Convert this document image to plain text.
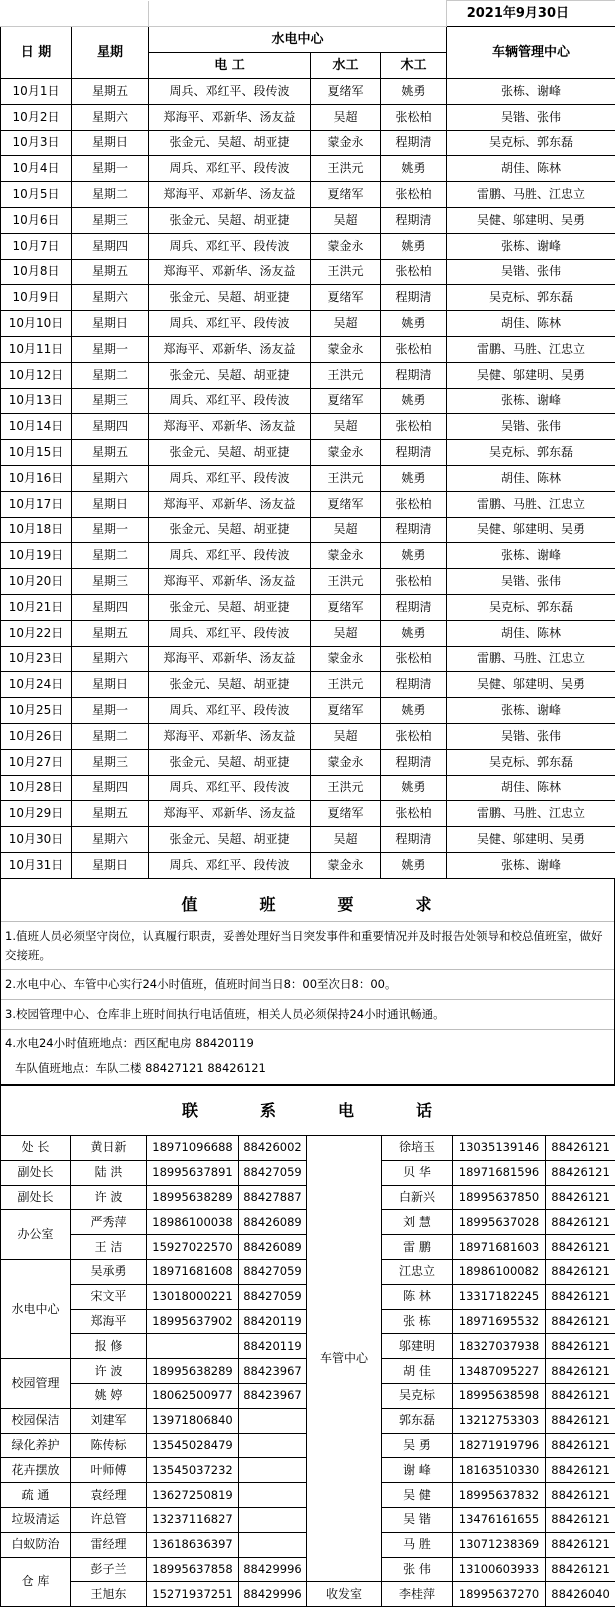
					2021年9月30日
日 期	星期	水电中心			车辆管理中心
		电 工	水工	木工	
10月1日	星期五	周兵、邓红平、段传波	夏绪军	姚勇	张栋、谢峰
10月2日	星期六	郑海平、邓新华、汤友益	吴超	张松柏	吴锴、张伟
10月3日	星期日	张金元、吴超、胡亚捷	蒙金永	程期清	吴克标、郭东磊
10月4日	星期一	周兵、邓红平、段传波	王洪元	姚勇	胡佳、陈林
10月5日	星期二	郑海平、邓新华、汤友益	夏绪军	张松柏	雷鹏、马胜、江忠立
10月6日	星期三	张金元、吴超、胡亚捷	吴超	程期清	吴健、邬建明、吴勇
10月7日	星期四	周兵、邓红平、段传波	蒙金永	姚勇	张栋、谢峰
10月8日	星期五	郑海平、邓新华、汤友益	王洪元	张松柏	吴锴、张伟
10月9日	星期六	张金元、吴超、胡亚捷	夏绪军	程期清	吴克标、郭东磊
10月10日	星期日	周兵、邓红平、段传波	吴超	姚勇	胡佳、陈林
10月11日	星期一	郑海平、邓新华、汤友益	蒙金永	张松柏	雷鹏、马胜、江忠立
10月12日	星期二	张金元、吴超、胡亚捷	王洪元	程期清	吴健、邬建明、吴勇
10月13日	星期三	周兵、邓红平、段传波	夏绪军	姚勇	张栋、谢峰
10月14日	星期四	郑海平、邓新华、汤友益	吴超	张松柏	吴锴、张伟
10月15日	星期五	张金元、吴超、胡亚捷	蒙金永	程期清	吴克标、郭东磊
10月16日	星期六	周兵、邓红平、段传波	王洪元	姚勇	胡佳、陈林
10月17日	星期日	郑海平、邓新华、汤友益	夏绪军	张松柏	雷鹏、马胜、江忠立
10月18日	星期一	张金元、吴超、胡亚捷	吴超	程期清	吴健、邬建明、吴勇
10月19日	星期二	周兵、邓红平、段传波	蒙金永	姚勇	张栋、谢峰
10月20日	星期三	郑海平、邓新华、汤友益	王洪元	张松柏	吴锴、张伟
10月21日	星期四	张金元、吴超、胡亚捷	夏绪军	程期清	吴克标、郭东磊
10月22日	星期五	周兵、邓红平、段传波	吴超	姚勇	胡佳、陈林
10月23日	星期六	郑海平、邓新华、汤友益	蒙金永	张松柏	雷鹏、马胜、江忠立
10月24日	星期日	张金元、吴超、胡亚捷	王洪元	程期清	吴健、邬建明、吴勇
10月25日	星期一	周兵、邓红平、段传波	夏绪军	姚勇	张栋、谢峰
10月26日	星期二	郑海平、邓新华、汤友益	吴超	张松柏	吴锴、张伟
10月27日	星期三	张金元、吴超、胡亚捷	蒙金永	程期清	吴克标、郭东磊
10月28日	星期四	周兵、邓红平、段传波	王洪元	姚勇	胡佳、陈林
10月29日	星期五	郑海平、邓新华、汤友益	夏绪军	张松柏	雷鹏、马胜、江忠立
10月30日	星期六	张金元、吴超、胡亚捷	吴超	程期清	吴健、邬建明、吴勇
10月31日	星期日	周兵、邓红平、段传波	蒙金永	姚勇	张栋、谢峰
值	班	要	求
1.值班人员必须坚守岗位，认真履行职责，妥善处理好当日突发事件和重要情况并及时报告处领导和校总值班室，做好交接班。
2.水电中心、车管中心实行24小时值班，值班时间当日8：00至次日8：00。
3.校园管理中心、仓库非上班时间执行电话值班，相关人员必须保持24小时通讯畅通。
4.水电24小时值班地点：西区配电房 88420119
车队值班地点：车队二楼 88427121 88426121
联 系 电 话							
处 长	黄日新	18971096688	88426002	车管中心	徐培玉	13035139146	88426121
副处长	陆 洪	18995637891	88427059		贝 华	18971681596	88426121
副处长	许 波	18995638289	88427887		白新兴	18995637850	88426121
办公室	严秀萍	18986100038	88426089		刘 慧	18995637028	88426121
	王 洁	15927022570	88426089		雷 鹏	18971681603	88426121
水电中心	吴承勇	18971681608	88427059		江忠立	18986100082	88426121
	宋文平	13018000221	88427059		陈 林	13317182245	88426121
	郑海平	18995637902	88420119		张 栋	18971695532	88426121
	报 修		88420119		邬建明	18327037938	88426121
校园管理	许 波	18995638289	88423967		胡 佳	13487095227	88426121
	姚 婷	18062500977	88423967		吴克标	18995638598	88426121
校园保洁	刘建军	13971806840			郭东磊	13212753303	88426121
绿化养护	陈传标	13545028479			吴 勇	18271919796	88426121
花卉摆放	叶师傅	13545037232			谢 峰	18163510330	88426121
疏 通	袁经理	13627250819			吴 健	18995637832	88426121
垃圾清运	许总管	13237116827			吴 锴	13476161655	88426121
白蚁防治	雷经理	13618636397			马 胜	13071238369	88426121
仓 库	彭子兰	18995637858	88429996		张 伟	13100603933	88426121
	王旭东	15271937251	88429996	收发室	李桂萍	18995637270	88426040
